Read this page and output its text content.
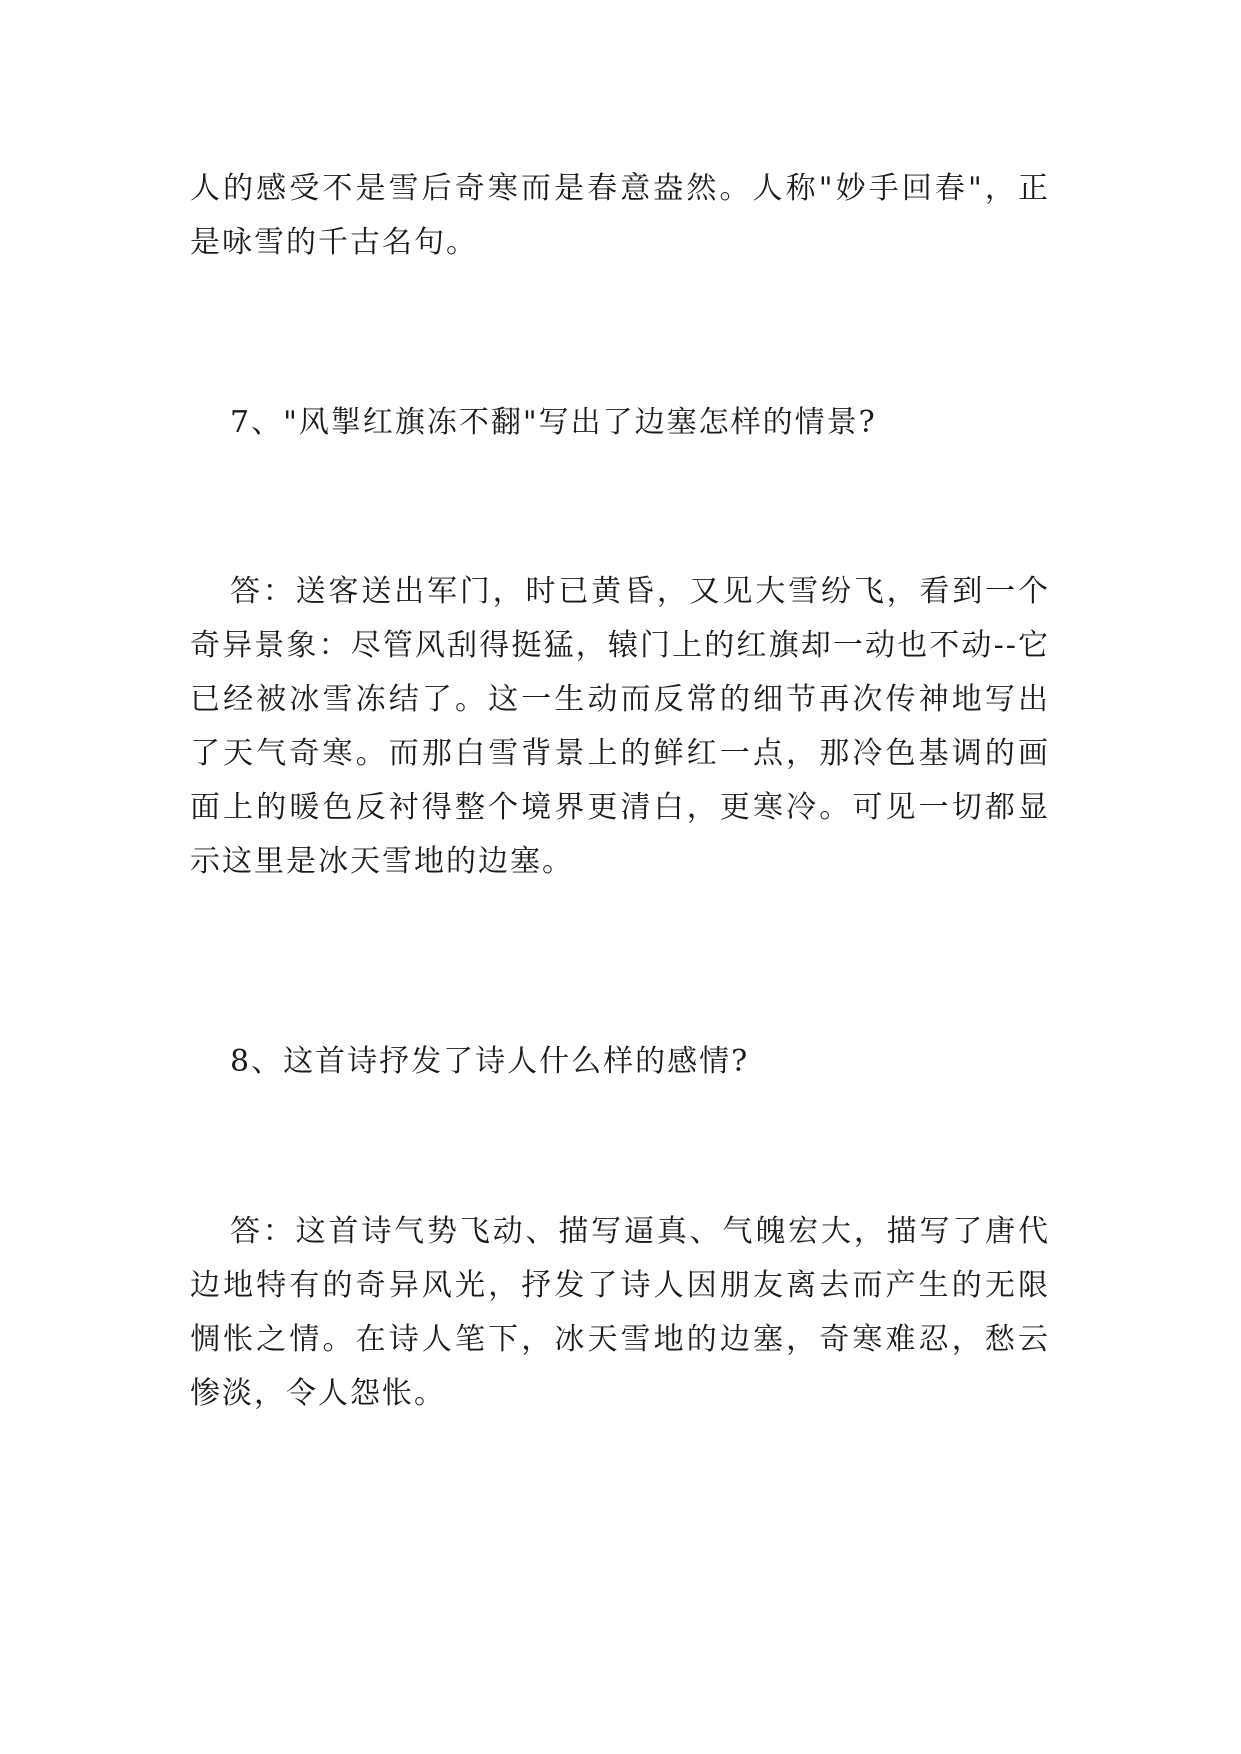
人的感受不是雪后奇寒而是春意盎然。人称"妙手回春"，正是咏雪的千古名句。

7、"风掣红旗冻不翻"写出了边塞怎样的情景?

答：送客送出军门，时已黄昏，又见大雪纷飞，看到一个奇异景象：尽管风刮得挺猛，辕门上的红旗却一动也不动--它已经被冰雪冻结了。这一生动而反常的细节再次传神地写出了天气奇寒。而那白雪背景上的鲜红一点，那冷色基调的画面上的暖色反衬得整个境界更清白，更寒冷。可见一切都显示这里是冰天雪地的边塞。

8、这首诗抒发了诗人什么样的感情?

答：这首诗气势飞动、描写逼真、气魄宏大，描写了唐代边地特有的奇异风光，抒发了诗人因朋友离去而产生的无限惆怅之情。在诗人笔下，冰天雪地的边塞，奇寒难忍，愁云惨淡，令人怨怅。
